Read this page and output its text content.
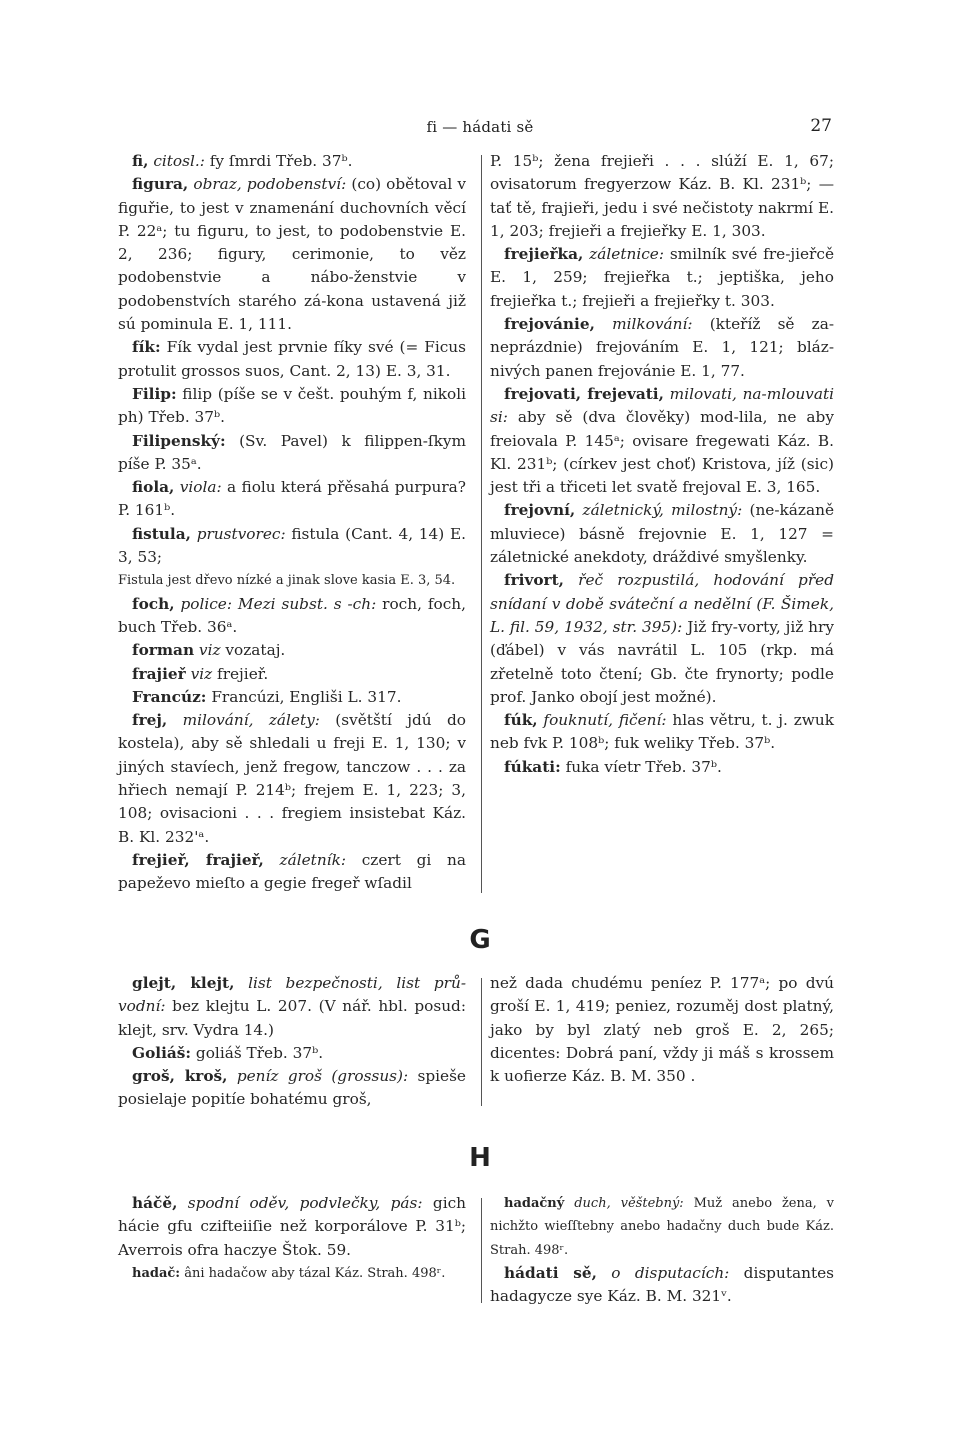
fi — hádati sě	27

fi, citosl.: fy ſmrdi Třeb. 37ᵇ.

figura, obraz, podobenství: (co) obětoval v figuřie, to jest v znamenání duchovních věcí P. 22ᵃ; tu figuru, to jest, to podobenstvie E. 2, 236; figury, cerimonie, to věz podobenstvie a nábo-ženstvie v podobenstvích starého zá-kona ustavená již sú pominula E. 1, 111.

fík: Fík vydal jest prvnie fíky své (= Ficus protulit grossos suos, Cant. 2, 13) E. 3, 31.

Filip: filip (píše se v češt. pouhým f, nikoli ph) Třeb. 37ᵇ.

Filipenský: (Sv. Pavel) k filippen-ſkym píše P. 35ᵃ.

fiola, viola: a fiolu která přěsahá purpura? P. 161ᵇ.

fistula, prustvorec: fistula (Cant. 4, 14) E. 3, 53;

Fistula jest dřevo nízké a jinak slove kasia E. 3, 54.

foch, police: Mezi subst. s -ch: roch, foch, buch Třeb. 36ᵃ.

forman viz vozataj.

frajieř viz frejieř.

Francúz: Francúzi, Engliši L. 317.

frej, milování, zálety: (světští jdú do kostela), aby sě shledali u freji E. 1, 130; v jiných stavíech, jenž fregow, tanczow . . . za hřiech nemají P. 214ᵇ; frejem E. 1, 223; 3, 108; ovisacioni . . . fregiem insistebat Káz. B. Kl. 232'ᵃ.

frejieř, frajieř, záletník: czert gi na papeževo mieſto a gegie fregeř wſadil

P. 15ᵇ; žena frejieři . . . slúží E. 1, 67; ovisatorum fregyerzow Káz. B. Kl. 231ᵇ; — tať tě, frajieři, jedu i své nečistoty nakrmí E. 1, 203; frejieři a frejieřky E. 1, 303.

frejieřka, záletnice: smilník své fre-jieřcě E. 1, 259; frejieřka t.; jeptiška, jeho frejieřka t.; frejieři a frejieřky t. 303.

frejovánie, milkování: (kteříž sě za-neprázdnie) frejováním E. 1, 121; bláz-nivých panen frejovánie E. 1, 77.

frejovati, frejevati, milovati, na-mlouvati si: aby sě (dva člověky) mod-lila, ne aby freiovala P. 145ᵃ; ovisare fregewati Káz. B. Kl. 231ᵇ; (církev jest choť) Kristova, jíž (sic) jest tři a třiceti let svatě frejoval E. 3, 165.

frejovní, záletnický, milostný: (ne-kázaně mluviece) básně frejovnie E. 1, 127 = záletnické anekdoty, dráždivé smyšlenky.

frivort, řeč rozpustilá, hodování před snídaní v době sváteční a nedělní (F. Šimek, L. fil. 59, 1932, str. 395): Již fry-vorty, již hry (ďábel) v vás navrátil L. 105 (rkp. má zřetelně toto čtení; Gb. čte frynorty; podle prof. Janko obojí jest možné).

fúk, fouknutí, fičení: hlas větru, t. j. zwuk neb fvk P. 108ᵇ; fuk weliky Třeb. 37ᵇ.

fúkati: fuka víetr Třeb. 37ᵇ.

G

glejt, klejt, list bezpečnosti, list prů-vodní: bez klejtu L. 207. (V nář. hbl. posud: klejt, srv. Vydra 14.)

Goliáš: goliáš Třeb. 37ᵇ.

groš, kroš, peníz groš (grossus): spieše posielaje popitíe bohatému groš,

než dada chudému peníez P. 177ᵃ; po dvú groší E. 1, 419; peniez, rozuměj dost platný, jako by byl zlatý neb groš E. 2, 265; dicentes: Dobrá paní, vždy ji máš s krossem k uofierze Káz. B. M. 350 .

H

háčě, spodní oděv, podvlečky, pás: gich hácie gfu czifteiiſie než korporálove P. 31ᵇ; Averrois ofra haczye Štok. 59.

hadač: âni hadačow aby tázal Káz. Strah. 498ʳ.

hadačný duch, věštebný: Muž anebo žena, v nichžto wieſſtebny anebo hadačny duch bude Káz. Strah. 498ʳ.

hádati sě, o disputacích: disputantes hadagycze sye Káz. B. M. 321ᵛ.
